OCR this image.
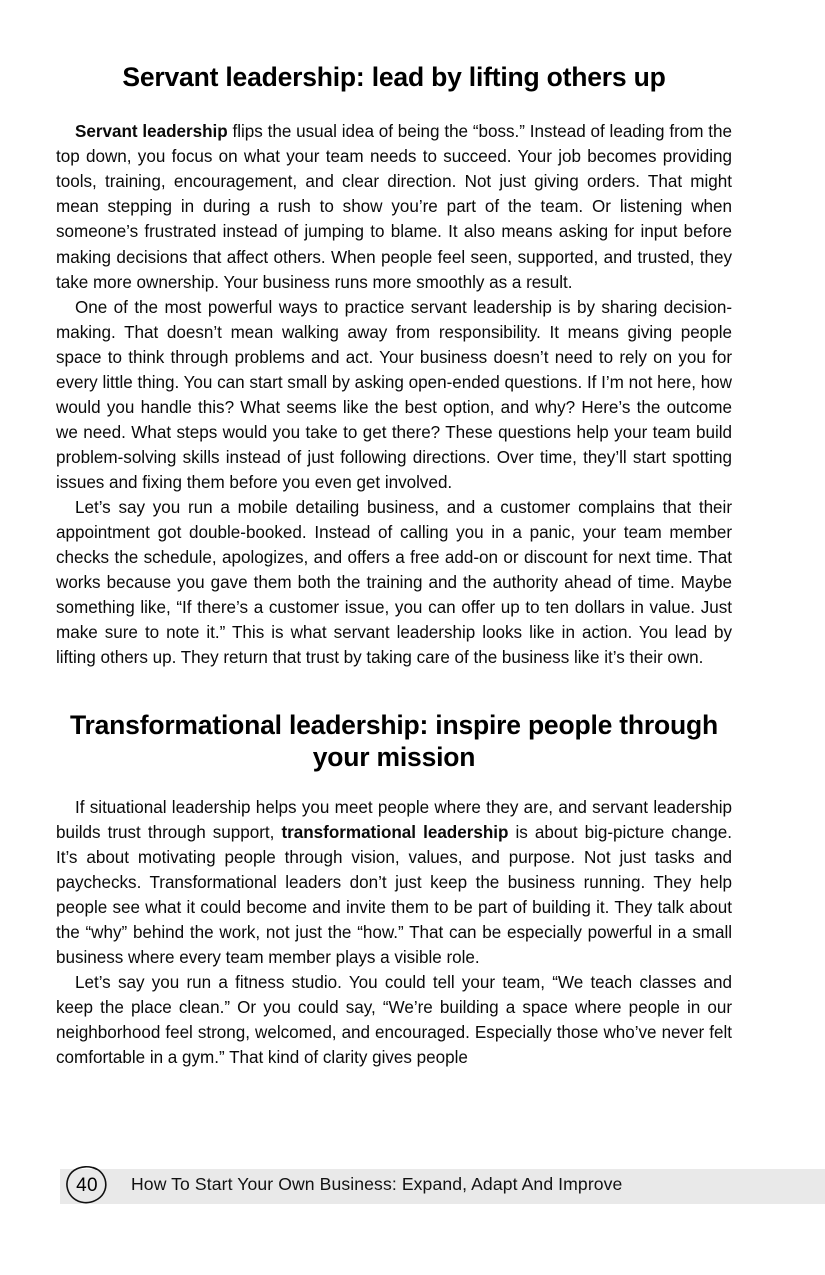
Servant leadership: lead by lifting others up

Servant leadership flips the usual idea of being the “boss.” Instead of leading from the top down, you focus on what your team needs to succeed. Your job becomes providing tools, training, encouragement, and clear direction. Not just giving orders. That might mean stepping in during a rush to show you’re part of the team. Or listening when someone’s frustrated instead of jumping to blame. It also means asking for input before making decisions that affect others. When people feel seen, supported, and trusted, they take more ownership. Your business runs more smoothly as a result.

One of the most powerful ways to practice servant leadership is by sharing decision-making. That doesn’t mean walking away from responsibility. It means giving people space to think through problems and act. Your business doesn’t need to rely on you for every little thing. You can start small by asking open-ended questions. If I’m not here, how would you handle this? What seems like the best option, and why? Here’s the outcome we need. What steps would you take to get there? These questions help your team build problem-solving skills instead of just following directions. Over time, they’ll start spotting issues and fixing them before you even get involved.

Let’s say you run a mobile detailing business, and a customer complains that their appointment got double-booked. Instead of calling you in a panic, your team member checks the schedule, apologizes, and offers a free add-on or discount for next time. That works because you gave them both the training and the authority ahead of time. Maybe something like, “If there’s a customer issue, you can offer up to ten dollars in value. Just make sure to note it.” This is what servant leadership looks like in action. You lead by lifting others up. They return that trust by taking care of the business like it’s their own.

Transformational leadership: inspire people through your mission

If situational leadership helps you meet people where they are, and servant leadership builds trust through support, transformational leadership is about big-picture change. It’s about motivating people through vision, values, and purpose. Not just tasks and paychecks. Transformational leaders don’t just keep the business running. They help people see what it could become and invite them to be part of building it. They talk about the “why” behind the work, not just the “how.” That can be especially powerful in a small business where every team member plays a visible role.

Let’s say you run a fitness studio. You could tell your team, “We teach classes and keep the place clean.” Or you could say, “We’re building a space where people in our neighborhood feel strong, welcomed, and encouraged. Especially those who’ve never felt comfortable in a gym.” That kind of clarity gives people

How To Start Your Own Business: Expand, Adapt And Improve
40
